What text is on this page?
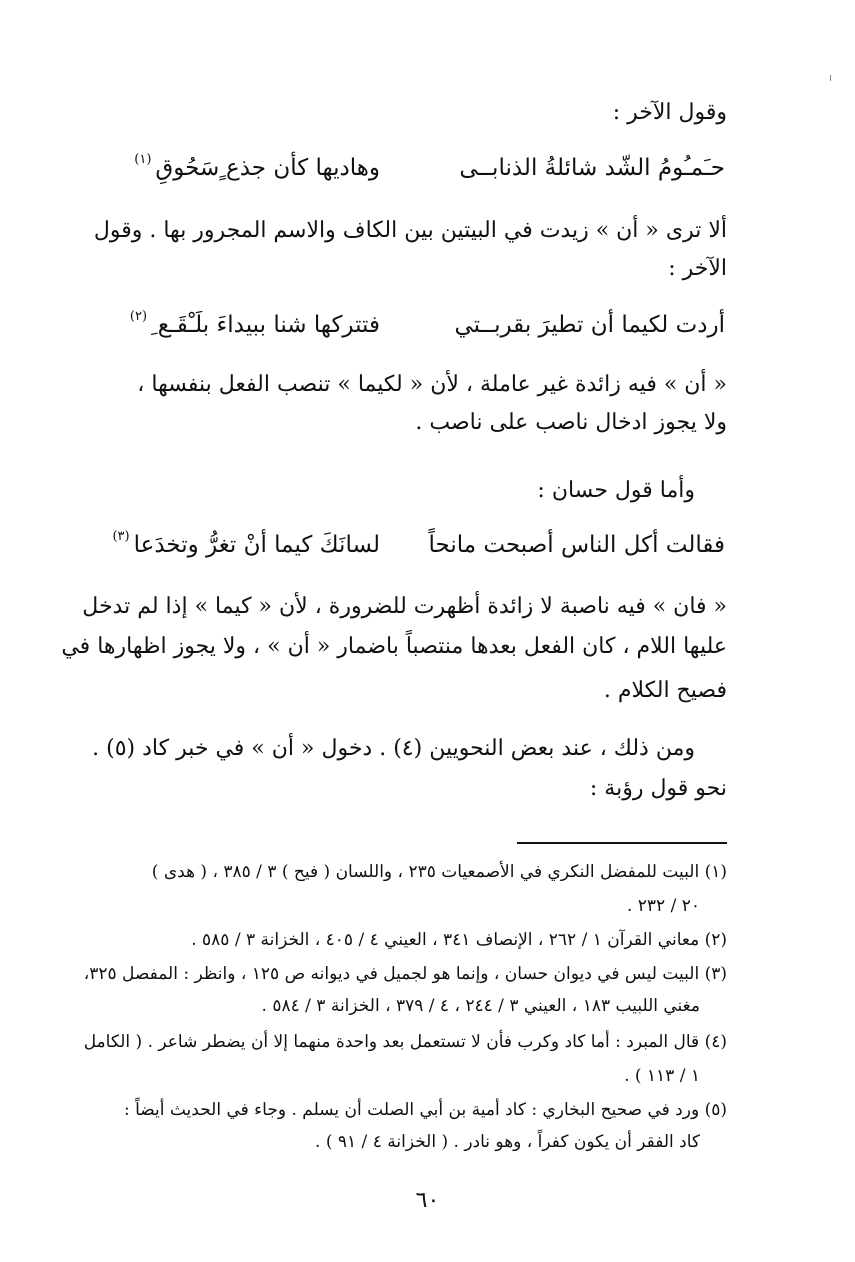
وقول الآخر :
حـَمـُومُ الشّد شائلةُ الذنابــى
وهاديها كأن جذع ٍسَحُوقِ$^{(١)}$
ألا ترى « أن » زيدت في البيتين بين الكاف والاسم المجرور بها . وقول
الآخر :
أردت لكيما أن تطيرَ بقربــتي
فتتركها شنا ببيداءَ بلَـْقَـع ِ$^{(٢)}$
« أن » فيه زائدة غير عاملة ، لأن « لكيما » تنصب الفعل بنفسها ،
ولا يجوز ادخال ناصب على ناصب .
وأما قول حسان :
فقالت أكل الناس أصبحت مانحاً
لسانَكَ كيما أنْ تغرُّ وتخدَعا$^{(٣)}$
« فان » فيه ناصبة لا زائدة أظهرت للضرورة ، لأن « كيما » إذا لم تدخل
عليها اللام ، كان الفعل بعدها منتصباً باضمار « أن » ، ولا يجوز اظهارها في
فصيح الكلام .
ومن ذلك ، عند بعض النحويين (٤) . دخول « أن » في خبر كاد (٥) .
نحو قول رؤبة :
(١) البيت للمفضل النكري في الأصمعيات ٢٣٥ ، واللسان ( فيح ) ٣ / ٣٨٥ ، ( هدى )
٢٠ / ٢٣٢ .
(٢) معاني القرآن ١ / ٢٦٢ ، الإنصاف ٣٤١ ، العيني ٤ / ٤٠٥ ، الخزانة ٣ / ٥٨٥ .
(٣) البيت ليس في ديوان حسان ، وإنما هو لجميل في ديوانه ص ١٢٥ ، وانظر : المفصل ٣٢٥،
مغني اللبيب ١٨٣ ، العيني ٣ / ٢٤٤ ، ٤ / ٣٧٩ ، الخزانة ٣ / ٥٨٤ .
(٤) قال المبرد : أما كاد وكرب فأن لا تستعمل بعد واحدة منهما إلا أن يضطر شاعر . ( الكامل
١ / ١١٣ ) .
(٥) ورد في صحيح البخاري : كاد أمية بن أبي الصلت أن يسلم . وجاء في الحديث أيضاً :
كاد الفقر أن يكون كفراً ، وهو نادر . ( الخزانة ٤ / ٩١ ) .
٦٠
